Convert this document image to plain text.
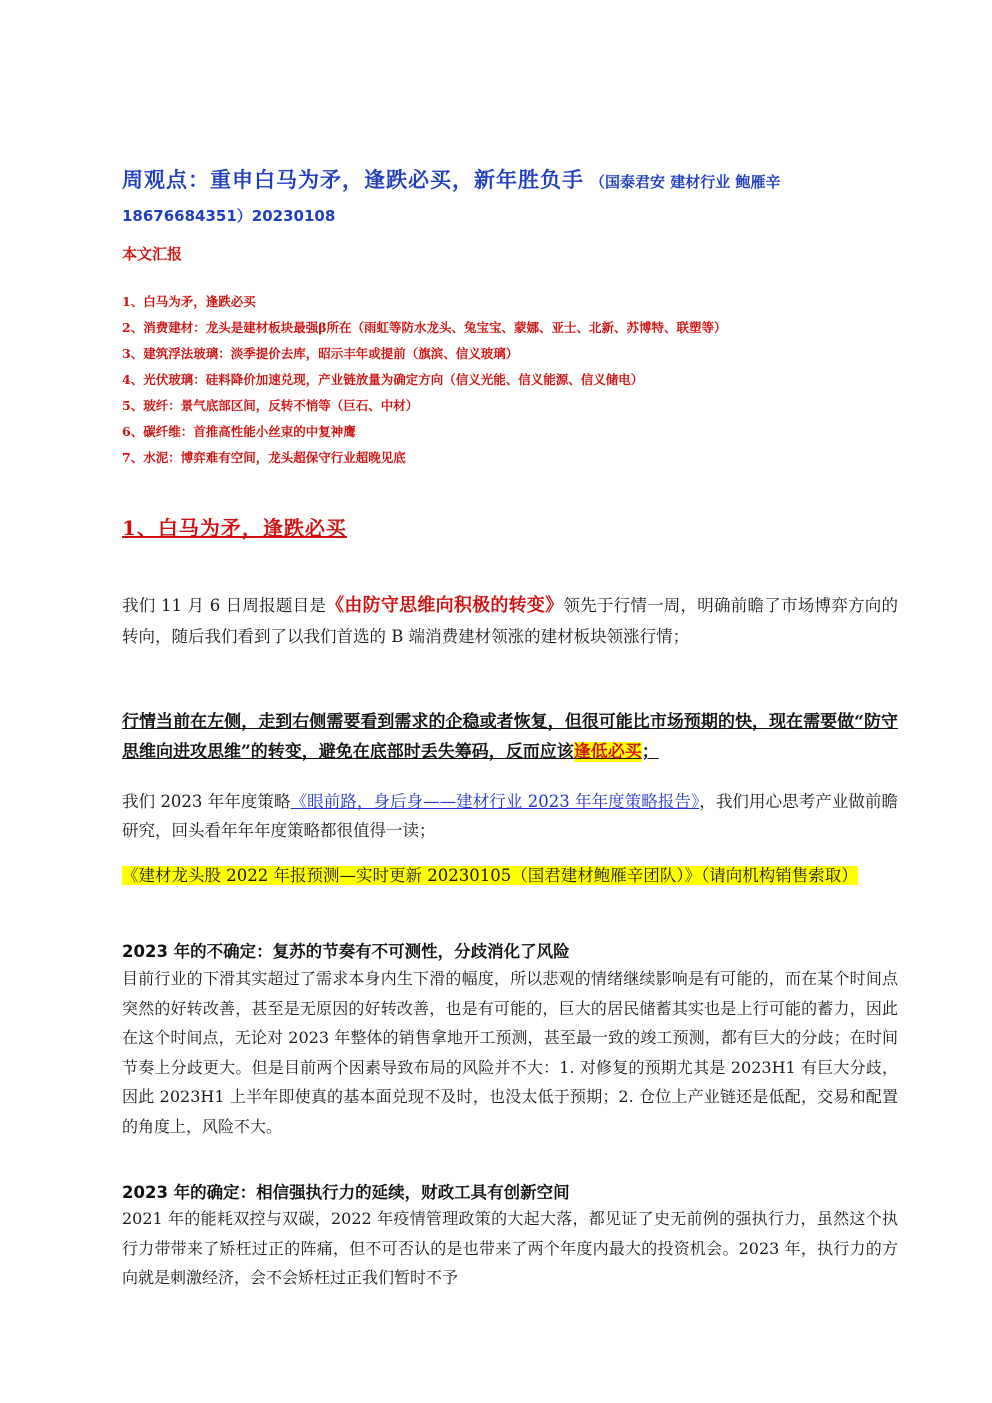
周观点：重申白马为矛，逢跌必买，新年胜负手 （国泰君安 建材行业 鲍雁辛
18676684351）20230108
本文汇报
1、白马为矛，逢跌必买
2、消费建材：龙头是建材板块最强β所在（雨虹等防水龙头、兔宝宝、蒙娜、亚士、北新、苏博特、联塑等）
3、建筑浮法玻璃：淡季提价去库，昭示丰年或提前（旗滨、信义玻璃）
4、光伏玻璃：硅料降价加速兑现，产业链放量为确定方向（信义光能、信义能源、信义储电）
5、玻纤：景气底部区间，反转不悄等（巨石、中材）
6、碳纤维：首推高性能小丝束的中复神鹰
7、水泥：博弈难有空间，龙头超保守行业超晚见底
1、白马为矛，逢跌必买

我们 11 月 6 日周报题目是《由防守思维向积极的转变》领先于行情一周，明确前瞻了市场博弈方向的转向，随后我们看到了以我们首选的 B 端消费建材领涨的建材板块领涨行情；

行情当前在左侧，走到右侧需要看到需求的企稳或者恢复，但很可能比市场预期的快，现在需要做“防守思维向进攻思维”的转变，避免在底部时丢失筹码，反而应该逢低必买；

我们 2023 年年度策略《眼前路，身后身——建材行业 2023 年年度策略报告》，我们用心思考产业做前瞻研究，回头看年年年度策略都很值得一读；

《建材龙头股 2022 年报预测—实时更新 20230105（国君建材鲍雁辛团队）》（请向机构销售索取）

2023 年的不确定：复苏的节奏有不可测性，分歧消化了风险

目前行业的下滑其实超过了需求本身内生下滑的幅度，所以悲观的情绪继续影响是有可能的，而在某个时间点突然的好转改善，甚至是无原因的好转改善，也是有可能的，巨大的居民储蓄其实也是上行可能的蓄力，因此在这个时间点，无论对 2023 年整体的销售拿地开工预测，甚至最一致的竣工预测，都有巨大的分歧；在时间节奏上分歧更大。但是目前两个因素导致布局的风险并不大：1. 对修复的预期尤其是 2023H1 有巨大分歧，因此 2023H1 上半年即使真的基本面兑现不及时，也没太低于预期；2. 仓位上产业链还是低配，交易和配置的角度上，风险不大。

2023 年的确定：相信强执行力的延续，财政工具有创新空间

2021 年的能耗双控与双碳，2022 年疫情管理政策的大起大落，都见证了史无前例的强执行力，虽然这个执行力带带来了矫枉过正的阵痛，但不可否认的是也带来了两个年度内最大的投资机会。2023 年，执行力的方向就是刺激经济，会不会矫枉过正我们暂时不予
